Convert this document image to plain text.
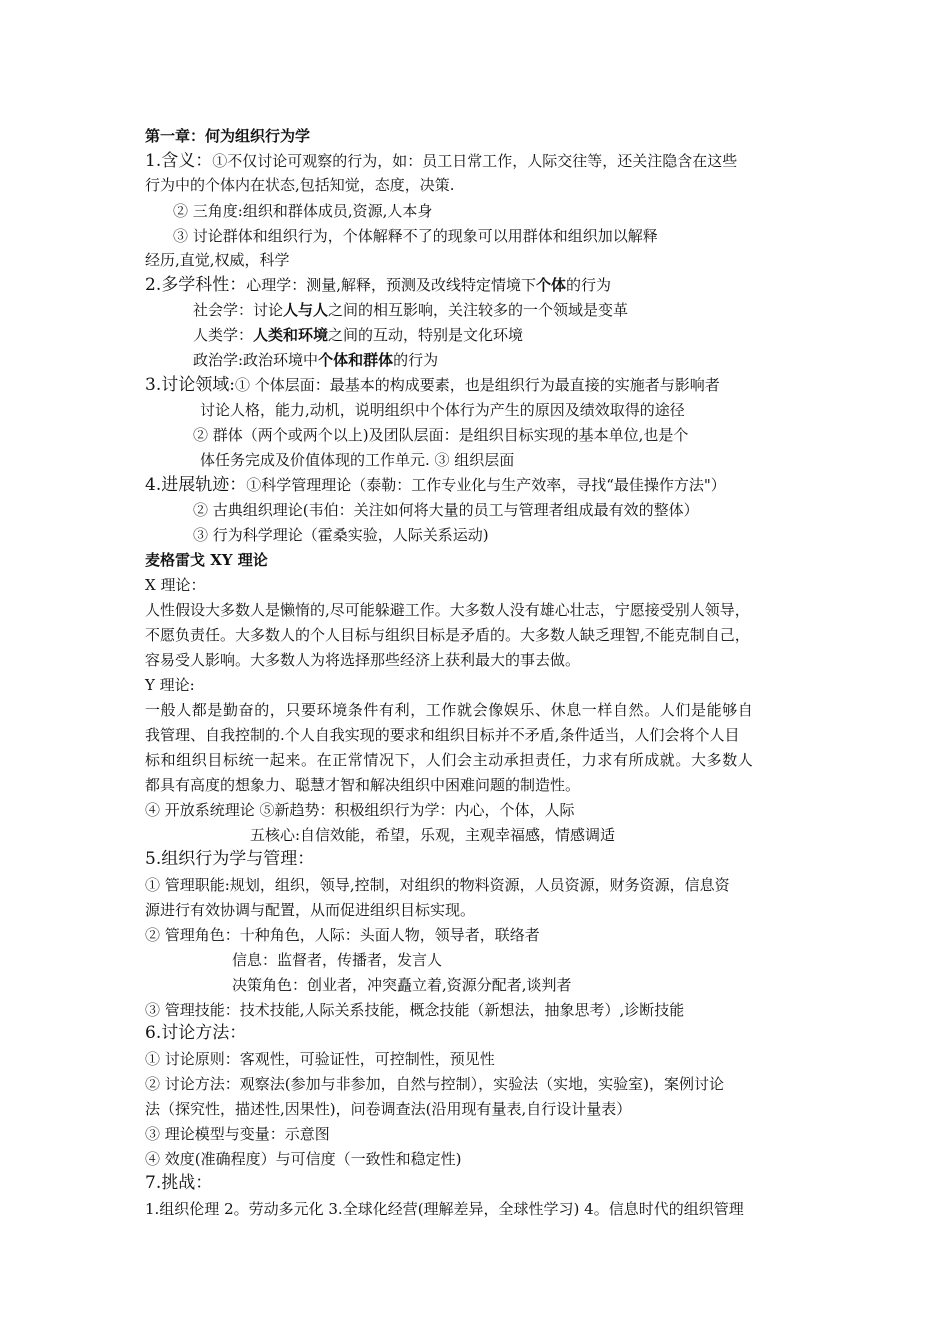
第一章：何为组织行为学
1.含义：①不仅讨论可观察的行为，如：员工日常工作，人际交往等，还关注隐含在这些
行为中的个体内在状态,包括知觉，态度，决策.
② 三角度:组织和群体成员,资源,人本身
③ 讨论群体和组织行为，个体解释不了的现象可以用群体和组织加以解释
经历,直觉,权威，科学
2.多学科性：心理学：测量,解释，预测及改线特定情境下个体的行为
社会学：讨论人与人之间的相互影响，关注较多的一个领域是变革
人类学：人类和环境之间的互动，特别是文化环境
政治学:政治环境中个体和群体的行为
3.讨论领域:① 个体层面：最基本的构成要素，也是组织行为最直接的实施者与影响者
讨论人格，能力,动机，说明组织中个体行为产生的原因及绩效取得的途径
② 群体（两个或两个以上)及团队层面：是组织目标实现的基本单位,也是个
体任务完成及价值体现的工作单元. ③ 组织层面
4.进展轨迹：①科学管理理论（泰勒：工作专业化与生产效率，寻找“最佳操作方法"）
② 古典组织理论(韦伯：关注如何将大量的员工与管理者组成最有效的整体）
③ 行为科学理论（霍桑实验，人际关系运动)
麦格雷戈 XY 理论
X 理论：
人性假设大多数人是懒惰的,尽可能躲避工作。大多数人没有雄心壮志，宁愿接受别人领导，
不愿负责任。大多数人的个人目标与组织目标是矛盾的。大多数人缺乏理智,不能克制自己，
容易受人影响。大多数人为将选择那些经济上获利最大的事去做。
Y 理论:
一般人都是勤奋的，只要环境条件有利，工作就会像娱乐、休息一样自然。人们是能够自
我管理、自我控制的.个人自我实现的要求和组织目标并不矛盾,条件适当，人们会将个人目
标和组织目标统一起来。在正常情况下，人们会主动承担责任，力求有所成就。大多数人
都具有高度的想象力、聪慧才智和解决组织中困难问题的制造性。
④ 开放系统理论 ⑤新趋势：积极组织行为学：内心，个体，人际
五核心:自信效能，希望，乐观，主观幸福感，情感调适
5.组织行为学与管理：
① 管理职能:规划，组织，领导,控制，对组织的物料资源，人员资源，财务资源，信息资
源进行有效协调与配置，从而促进组织目标实现。
② 管理角色：十种角色，人际：头面人物，领导者，联络者
信息：监督者，传播者，发言人
决策角色：创业者，冲突矗立着,资源分配者,谈判者
③ 管理技能：技术技能,人际关系技能，概念技能（新想法，抽象思考）,诊断技能
6.讨论方法：
① 讨论原则：客观性，可验证性，可控制性，预见性
② 讨论方法：观察法(参加与非参加，自然与控制），实验法（实地，实验室)，案例讨论
法（探究性，描述性,因果性)，问卷调查法(沿用现有量表,自行设计量表）
③ 理论模型与变量：示意图
④ 效度(准确程度）与可信度（一致性和稳定性)
7.挑战：
1.组织伦理 2。劳动多元化 3.全球化经营(理解差异，全球性学习) 4。信息时代的组织管理
